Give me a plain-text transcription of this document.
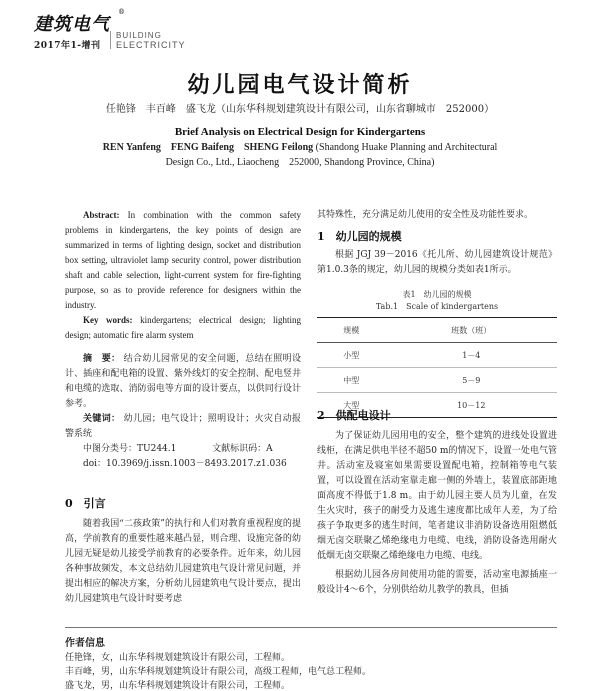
建筑电气
®
2017年1-增刊
BUILDING
ELECTRICITY
幼儿园电气设计简析
任艳锋　丰百峰　盛飞龙（山东华科规划建筑设计有限公司，山东省聊城市　252000）
Brief Analysis on Electrical Design for Kindergartens
REN Yanfeng　FENG Baifeng　SHENG Feilong (Shandong Huake Planning and Architectural
Design Co., Ltd., Liaocheng　252000, Shandong Province, China)

Abstract: In combination with the common safety problems in kindergartens, the key points of design are summarized in terms of lighting design, socket and distribution box setting, ultraviolet lamp security control, power distribution shaft and cable selection, light-current system for fire-fighting purpose, so as to provide reference for designers within the industry.

Key words: kindergartens; electrical design; lighting design; automatic fire alarm system

摘　要： 结合幼儿园常见的安全问题，总结在照明设计、插座和配电箱的设置、紫外线灯的安全控制、配电竖井和电缆的选取、消防弱电等方面的设计要点，以供同行设计参考。

关键词： 幼儿园；电气设计；照明设计；火灾自动报警系统

中图分类号：TU244.1	文献标识码：A

doi：10.3969/j.issn.1003－8493.2017.z1.036

0　引言

随着我国“二孩政策”的执行和人们对教育重视程度的提高，学前教育的重要性越来越凸显，则合理、设施完备的幼儿园无疑是幼儿接受学前教育的必要条件。近年来，幼儿园各种事故频发，本文总结幼儿园建筑电气设计常见问题，并提出相应的解决方案，分析幼儿园建筑电气设计要点，提出幼儿园建筑电气设计时要考虑

其特殊性，充分满足幼儿使用的安全性及功能性要求。

1　幼儿园的规模

根据 JGJ 39－2016《托儿所、幼儿园建筑设计规范》第1.0.3条的规定，幼儿园的规模分类如表1所示。

表1　幼儿园的规模
Tab.1　Scale of kindergartens
规模	班数（班）
小型	1－4
中型	5－9
大型	10－12
2　供配电设计

为了保证幼儿园用电的安全，整个建筑的进线处设置进线柜，在满足供电半径不超50 m的情况下，设置一处电气管井。活动室及寝室如果需要设置配电箱，控制箱等电气装置，可以设置在活动室靠走廊一侧的外墙上，装置底部距地面高度不得低于1.8 m。由于幼儿园主要人员为儿童，在发生火灾时，孩子的耐受力及逃生速度都比成年人差，为了给孩子争取更多的逃生时间，笔者建议非消防设备选用阻燃低烟无卤交联聚乙烯绝缘电力电缆、电线，消防设备选用耐火低烟无卤交联聚乙烯绝缘电力电缆、电线。

根据幼儿园各房间使用功能的需要，活动室电源插座一般设计4～6个，分别供给幼儿教学的教具，但插

作者信息
任艳锋，女，山东华科规划建筑设计有限公司，工程师。
丰百峰，男，山东华科规划建筑设计有限公司，高级工程师，电气总工程师。
盛飞龙，男，山东华科规划建筑设计有限公司，工程师。
